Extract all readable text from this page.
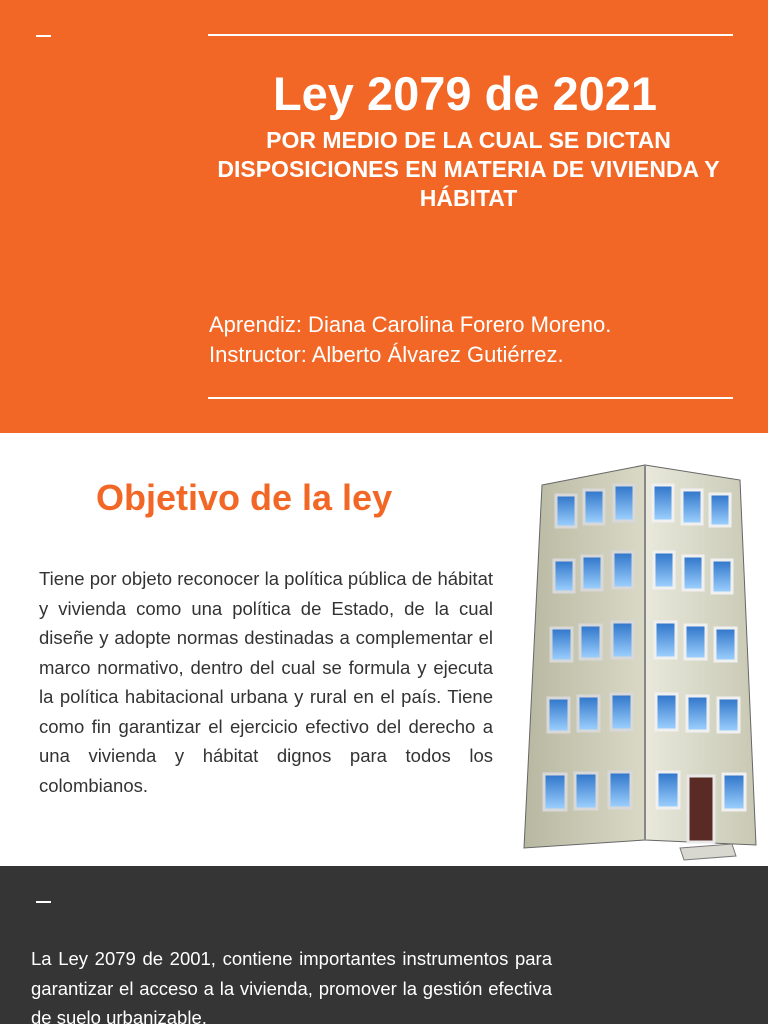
Ley 2079 de 2021
POR MEDIO DE LA CUAL SE DICTAN DISPOSICIONES EN MATERIA DE VIVIENDA Y HÁBITAT
Aprendiz: Diana Carolina Forero Moreno.
Instructor: Alberto Álvarez Gutiérrez.
Objetivo de la ley
Tiene por objeto reconocer la política pública de hábitat y vivienda como una política de Estado, de la cual diseñe y adopte normas destinadas a complementar el marco normativo, dentro del cual se formula y ejecuta la política habitacional urbana y rural en el país. Tiene como fin garantizar el ejercicio efectivo del derecho a una vivienda y hábitat dignos para todos los colombianos.
La Ley 2079 de 2001, contiene importantes instrumentos para garantizar el acceso a la vivienda, promover la gestión efectiva de suelo urbanizable,
